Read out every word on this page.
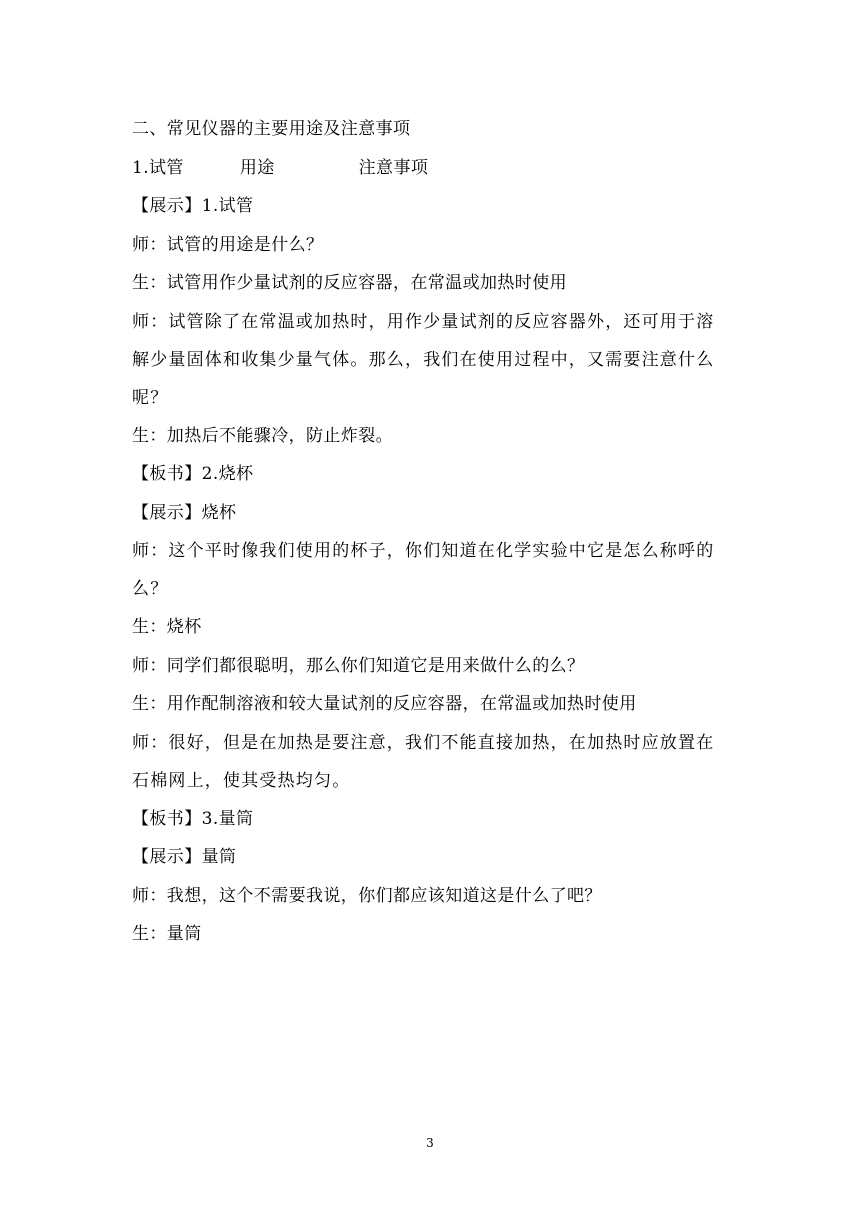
二、常见仪器的主要用途及注意事项
1.试管	用途	注意事项
【展示】1.试管
师：试管的用途是什么？
生：试管用作少量试剂的反应容器，在常温或加热时使用
师：试管除了在常温或加热时，用作少量试剂的反应容器外，还可用于溶解少量固体和收集少量气体。那么，我们在使用过程中，又需要注意什么呢？
生：加热后不能骤冷，防止炸裂。
【板书】2.烧杯
【展示】烧杯
师：这个平时像我们使用的杯子，你们知道在化学实验中它是怎么称呼的么？
生：烧杯
师：同学们都很聪明，那么你们知道它是用来做什么的么？
生：用作配制溶液和较大量试剂的反应容器，在常温或加热时使用
师：很好，但是在加热是要注意，我们不能直接加热，在加热时应放置在石棉网上，使其受热均匀。
【板书】3.量筒
【展示】量筒
师：我想，这个不需要我说，你们都应该知道这是什么了吧？
生：量筒
3
